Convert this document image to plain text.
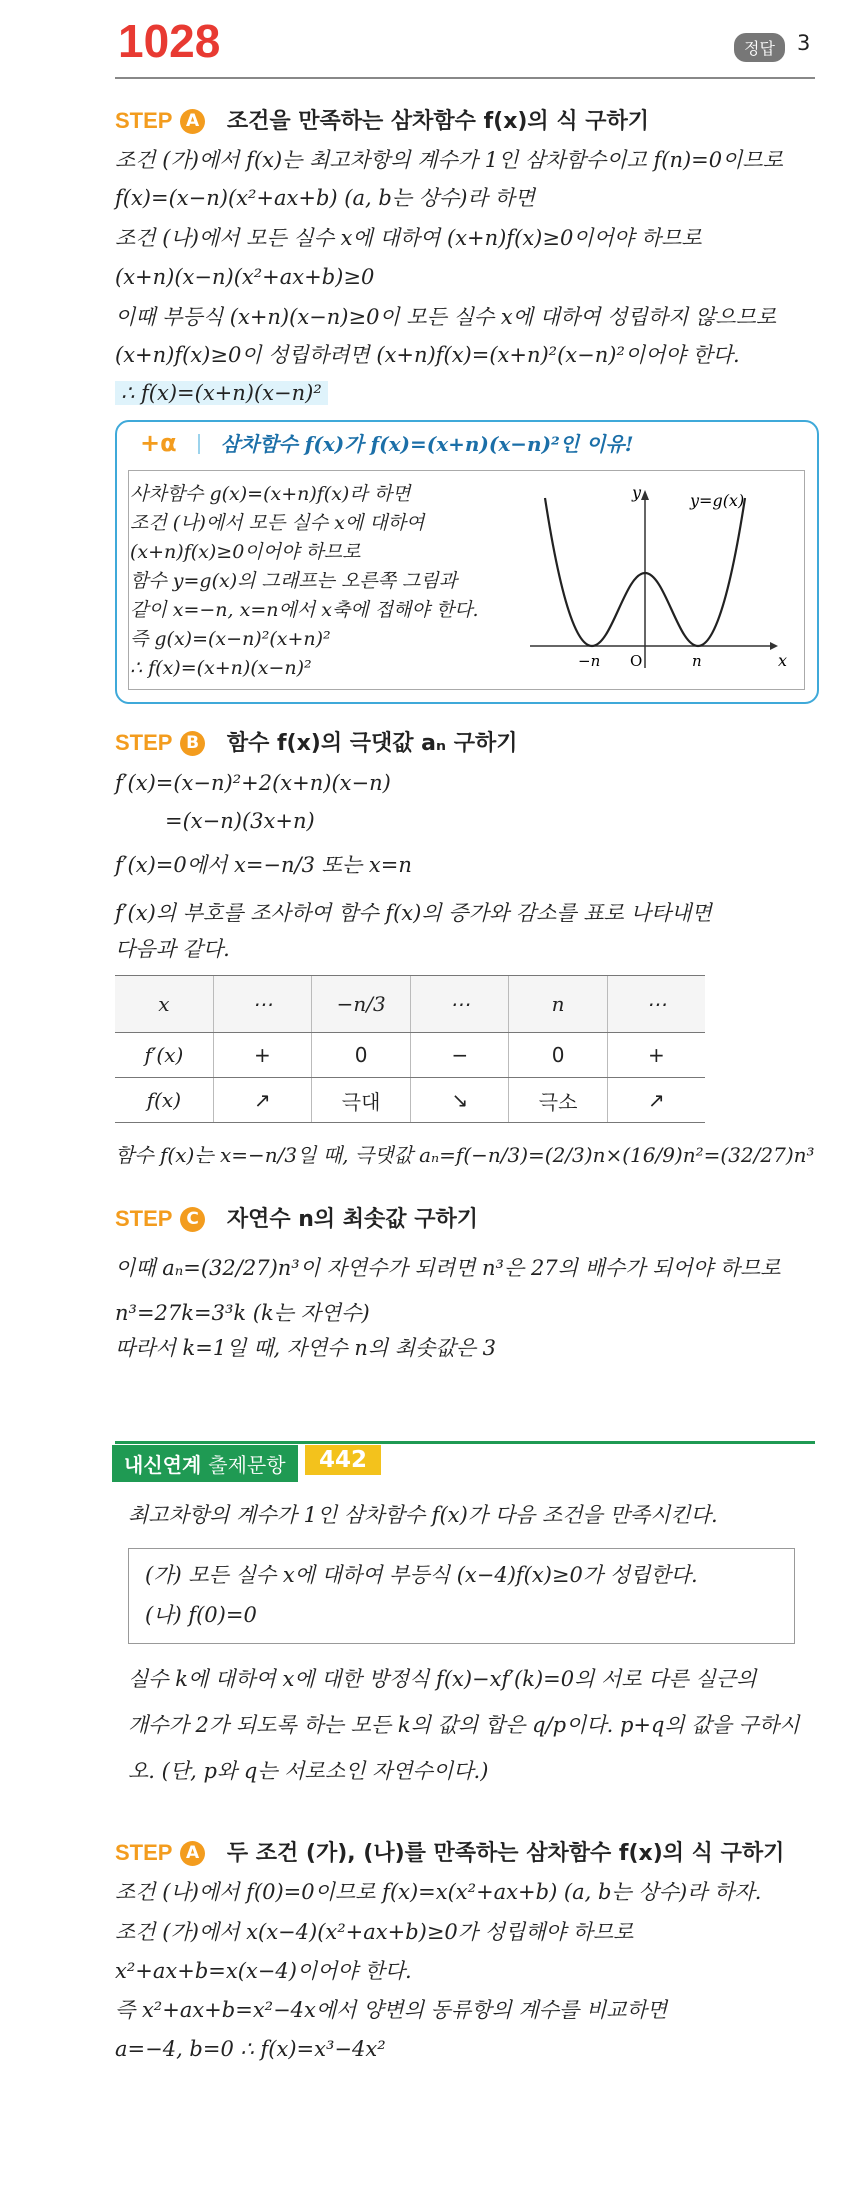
1028	정답	3
STEP A 조건을 만족하는 삼차함수 f(x)의 식 구하기
조건 (가)에서 f(x)는 최고차항의 계수가 1인 삼차함수이고 f(n)=0이므로
f(x)=(x−n)(x²+ax+b) (a, b는 상수)라 하면
조건 (나)에서 모든 실수 x에 대하여 (x+n)f(x)≥0이어야 하므로
(x+n)(x−n)(x²+ax+b)≥0
이때 부등식 (x+n)(x−n)≥0이 모든 실수 x에 대하여 성립하지 않으므로
(x+n)f(x)≥0이 성립하려면 (x+n)f(x)=(x+n)²(x−n)²이어야 한다.
∴ f(x)=(x+n)(x−n)²
+α 삼차함수 f(x)가 f(x)=(x+n)(x−n)²인 이유!
사차함수 g(x)=(x+n)f(x)라 하면
조건 (나)에서 모든 실수 x에 대하여
(x+n)f(x)≥0이어야 하므로
함수 y=g(x)의 그래프는 오른쪽 그림과
같이 x=−n, x=n에서 x축에 접해야 한다.
즉 g(x)=(x−n)²(x+n)²
∴ f(x)=(x+n)(x−n)²
y
x
y=g(x)
O
−n	n
STEP B 함수 f(x)의 극댓값 aₙ 구하기
f′(x)=(x−n)²+2(x+n)(x−n)
=(x−n)(3x+n)
f′(x)=0에서 x=−n/3 또는 x=n
f′(x)의 부호를 조사하여 함수 f(x)의 증가와 감소를 표로 나타내면
다음과 같다.
x	⋯	−n/3	⋯	n	⋯
f′(x)	+	0	−	0	+
f(x)	↗	극대	↘	극소	↗
함수 f(x)는 x=−n/3일 때, 극댓값 aₙ=f(−n/3)=(2/3)n×(16/9)n²=(32/27)n³
STEP C 자연수 n의 최솟값 구하기
이때 aₙ=(32/27)n³이 자연수가 되려면 n³은 27의 배수가 되어야 하므로
n³=27k=3³k (k는 자연수)
따라서 k=1일 때, 자연수 n의 최솟값은 3
내신연계 출제문항	442
최고차항의 계수가 1인 삼차함수 f(x)가 다음 조건을 만족시킨다.
(가) 모든 실수 x에 대하여 부등식 (x−4)f(x)≥0가 성립한다.
(나) f(0)=0
실수 k에 대하여 x에 대한 방정식 f(x)−xf′(k)=0의 서로 다른 실근의
개수가 2가 되도록 하는 모든 k의 값의 합은 q/p이다. p+q의 값을 구하시
오. (단, p와 q는 서로소인 자연수이다.)
STEP A 두 조건 (가), (나)를 만족하는 삼차함수 f(x)의 식 구하기
조건 (나)에서 f(0)=0이므로 f(x)=x(x²+ax+b) (a, b는 상수)라 하자.
조건 (가)에서 x(x−4)(x²+ax+b)≥0가 성립해야 하므로
x²+ax+b=x(x−4)이어야 한다.
즉 x²+ax+b=x²−4x에서 양변의 동류항의 계수를 비교하면
a=−4, b=0 ∴ f(x)=x³−4x²
